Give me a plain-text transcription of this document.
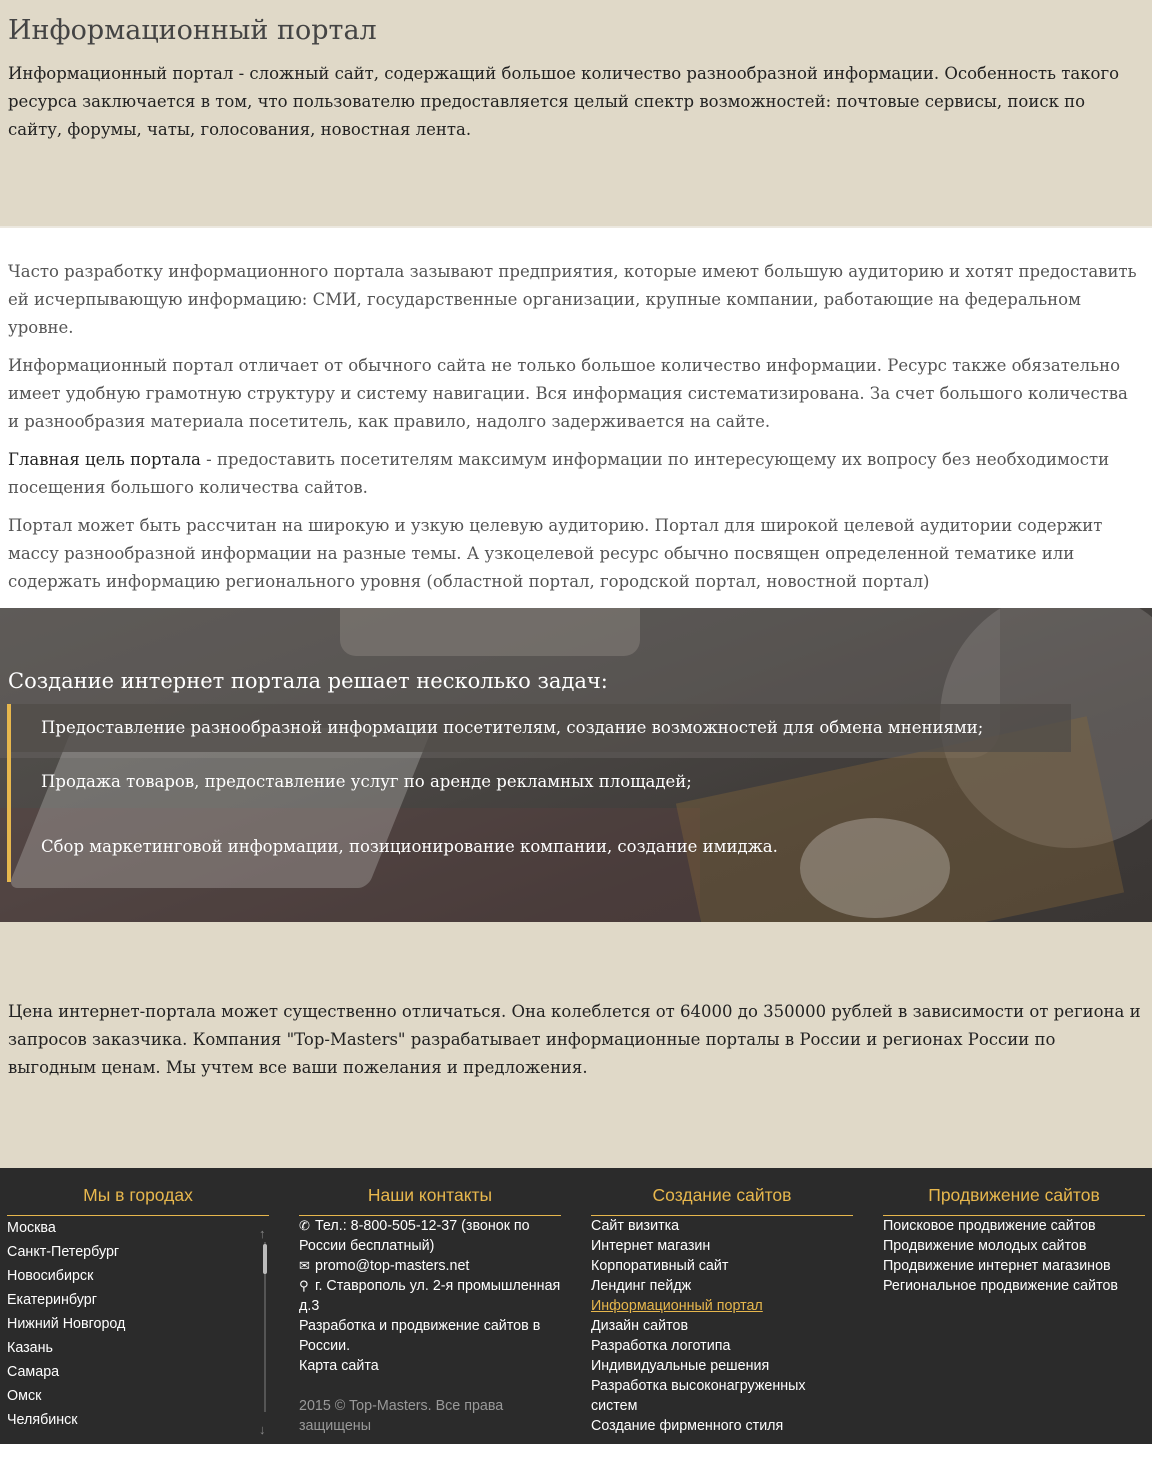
Информационный портал

Информационный портал - сложный сайт, содержащий большое количество разнообразной информации. Особенность такого ресурса заключается в том, что пользователю предоставляется целый спектр возможностей: почтовые сервисы, поиск по сайту, форумы, чаты, голосования, новостная лента.

Часто разработку информационного портала зазывают предприятия, которые имеют большую аудиторию и хотят предоставить ей исчерпывающую информацию: СМИ, государственные организации, крупные компании, работающие на федеральном уровне.

Информационный портал отличает от обычного сайта не только большое количество информации. Ресурс также обязательно имеет удобную грамотную структуру и систему навигации. Вся информация систематизирована. За счет большого количества и разнообразия материала посетитель, как правило, надолго задерживается на сайте.

Главная цель портала - предоставить посетителям максимум информации по интересующему их вопросу без необходимости посещения большого количества сайтов.

Портал может быть рассчитан на широкую и узкую целевую аудиторию. Портал для широкой целевой аудитории содержит массу разнообразной информации на разные темы. А узкоцелевой ресурс обычно посвящен определенной тематике или содержать информацию регионального уровня (областной портал, городской портал, новостной портал)

Создание интернет портала решает несколько задач:
Предоставление разнообразной информации посетителям, создание возможностей для обмена мнениями;
Продажа товаров, предоставление услуг по аренде рекламных площадей;
Сбор маркетинговой информации, позиционирование компании, создание имиджа.

Цена интернет-портала может существенно отличаться. Она колеблется от 64000 до 350000 рублей в зависимости от региона и запросов заказчика. Компания "Top-Masters" разрабатывает информационные порталы в России и регионах России по выгодным ценам. Мы учтем все ваши пожелания и предложения.

Мы в городах
Москва
Санкт-Петербург
Новосибирск
Екатеринбург
Нижний Новгород
Казань
Самара
Омск
Челябинск
↑
↓
Наши контакты
✆ Тел.: 8-800-505-12-37 (звонок по России бесплатный)
✉ promo@top-masters.net
⚲ г. Ставрополь ул. 2-я промышленная д.3
Разработка и продвижение сайтов в России.
Карта сайта
2015 © Top-Masters. Все права защищены
Создание сайтов
Сайт визитка
Интернет магазин
Корпоративный сайт
Лендинг пейдж
Информационный портал
Дизайн сайтов
Разработка логотипа
Индивидуальные решения
Разработка высоконагруженных систем
Создание фирменного стиля
Продвижение сайтов
Поисковое продвижение сайтов
Продвижение молодых сайтов
Продвижение интернет магазинов
Региональное продвижение сайтов
